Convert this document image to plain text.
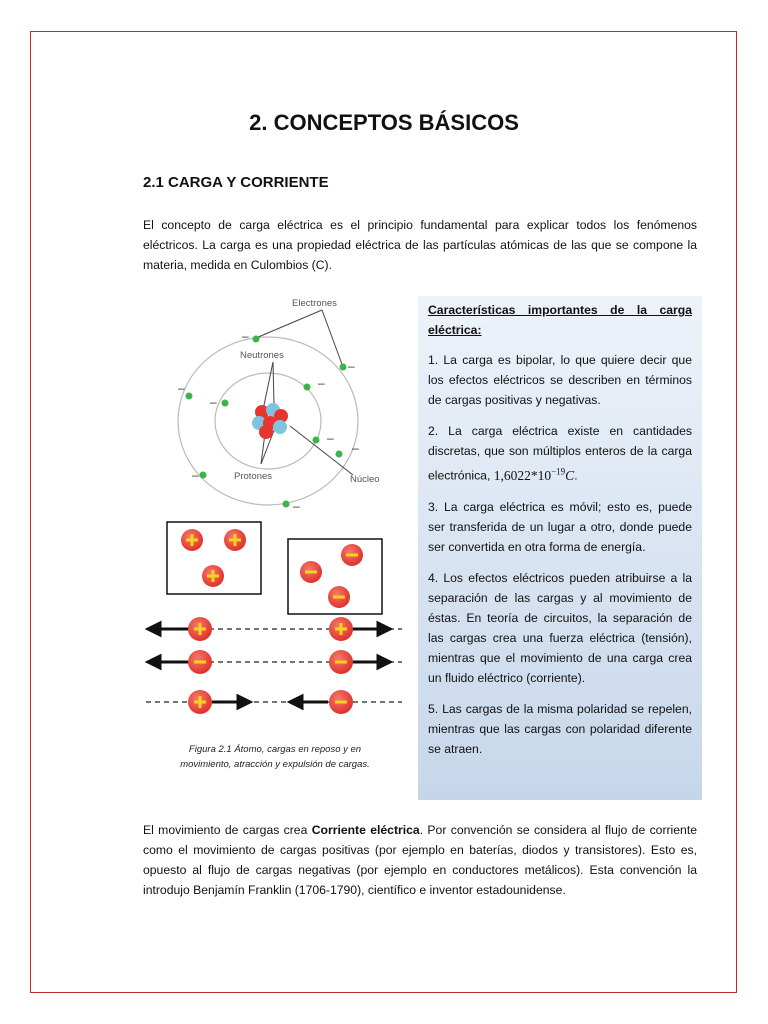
2. CONCEPTOS BÁSICOS
2.1 CARGA Y CORRIENTE
El concepto de carga eléctrica es el principio fundamental para explicar todos los fenómenos eléctricos. La carga es una propiedad eléctrica de las partículas atómicas de las que se compone la materia, medida en Culombios (C).
–
–
–
–
–
–
–
–
–
Electrones
Neutrones
Protones	Núcleo
Figura 2.1 Átomo, cargas en reposo y en
movimiento, atracción y expulsión de cargas.
Características importantes de la carga
eléctrica:

1. La carga es bipolar, lo que quiere decir que los efectos eléctricos se describen en términos de cargas positivas y negativas.

2. La carga eléctrica existe en cantidades discretas, que son múltiplos enteros de la carga electrónica, $1,6022*10^{-19}C$.

3. La carga eléctrica es móvil; esto es, puede ser transferida de un lugar a otro, donde puede ser convertida en otra forma de energía.

4. Los efectos eléctricos pueden atribuirse a la separación de las cargas y al movimiento de éstas. En teoría de circuitos, la separación de las cargas crea una fuerza eléctrica (tensión), mientras que el movimiento de una carga crea un fluido eléctrico (corriente).

5. Las cargas de la misma polaridad se repelen, mientras que las cargas con polaridad diferente se atraen.

El movimiento de cargas crea Corriente eléctrica. Por convención se considera al flujo de corriente como el movimiento de cargas positivas (por ejemplo en baterías, diodos y transistores). Esto es, opuesto al flujo de cargas negativas (por ejemplo en conductores metálicos). Esta convención la introdujo Benjamín Franklin (1706-1790), científico e inventor estadounidense.
